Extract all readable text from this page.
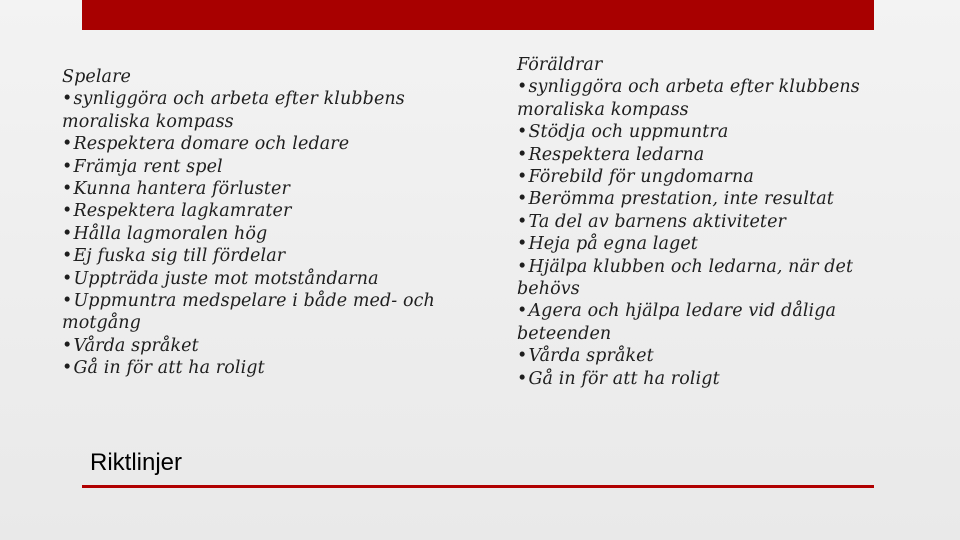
Spelare
• synliggöra och arbeta efter klubbens moraliska kompass
• Respektera domare och ledare
• Främja rent spel
• Kunna hantera förluster
• Respektera lagkamrater
• Hålla lagmoralen hög
• Ej fuska sig till fördelar
• Uppträda juste mot motståndarna
• Uppmuntra medspelare i både med- och motgång
• Vårda språket
• Gå in för att ha roligt
Föräldrar
• synliggöra och arbeta efter klubbens moraliska kompass
• Stödja och uppmuntra
• Respektera ledarna
• Förebild för ungdomarna
• Berömma prestation, inte resultat
• Ta del av barnens aktiviteter
• Heja på egna laget
• Hjälpa klubben och ledarna, när det behövs
• Agera och hjälpa ledare vid dåliga beteenden
• Vårda språket
• Gå in för att ha roligt
Riktlinjer
